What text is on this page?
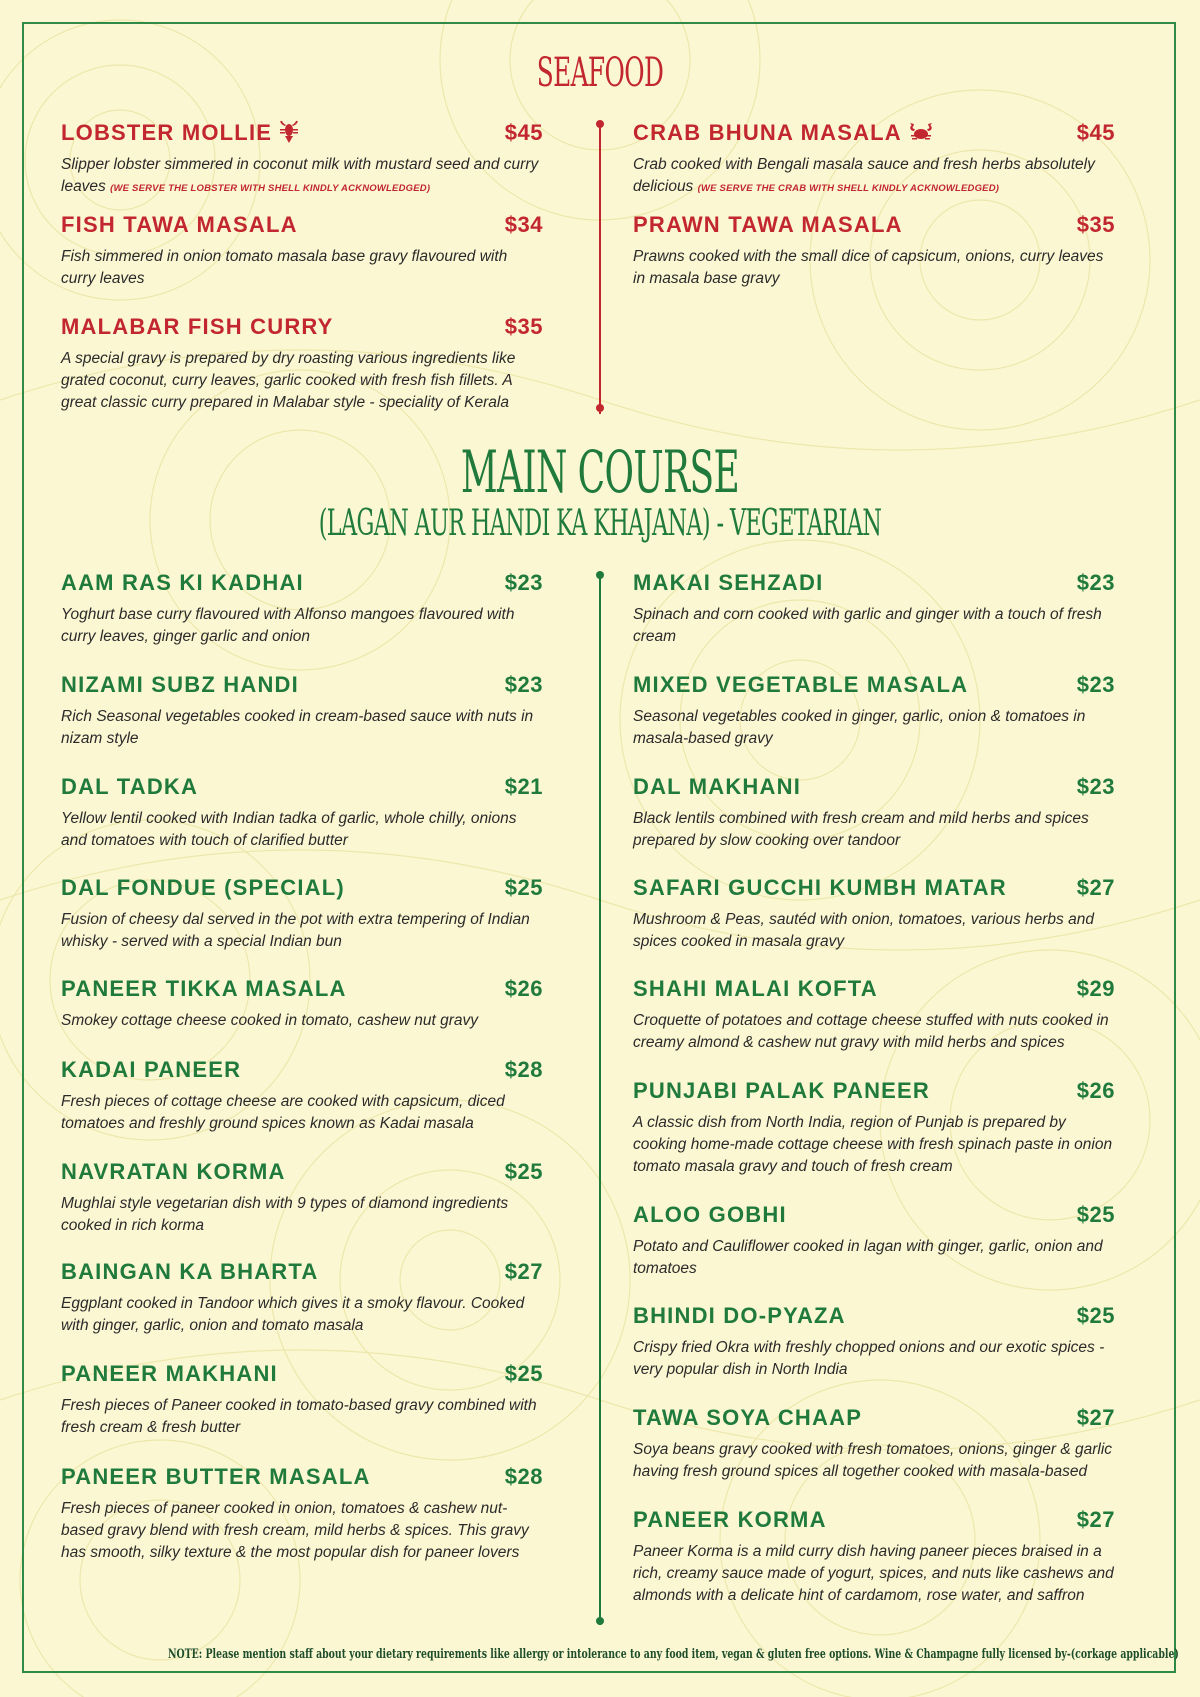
SEAFOOD
LOBSTER MOLLIE	$45
Slipper lobster simmered in coconut milk with mustard seed and curry leaves (WE SERVE THE LOBSTER WITH SHELL KINDLY ACKNOWLEDGED)
FISH TAWA MASALA	$34
Fish simmered in onion tomato masala base gravy flavoured with curry leaves
MALABAR FISH CURRY	$35
A special gravy is prepared by dry roasting various ingredients like grated coconut, curry leaves, garlic cooked with fresh fish fillets. A great classic curry prepared in Malabar style - speciality of Kerala
CRAB BHUNA MASALA	$45
Crab cooked with Bengali masala sauce and fresh herbs absolutely delicious (WE SERVE THE CRAB WITH SHELL KINDLY ACKNOWLEDGED)
PRAWN TAWA MASALA	$35
Prawns cooked with the small dice of capsicum, onions, curry leaves in masala base gravy
MAIN COURSE
(LAGAN AUR HANDI KA KHAJANA) - VEGETARIAN
AAM RAS KI KADHAI	$23
Yoghurt base curry flavoured with Alfonso mangoes flavoured with curry leaves, ginger garlic and onion
NIZAMI SUBZ HANDI	$23
Rich Seasonal vegetables cooked in cream-based sauce with nuts in nizam style
DAL TADKA	$21
Yellow lentil cooked with Indian tadka of garlic, whole chilly, onions and tomatoes with touch of clarified butter
DAL FONDUE (SPECIAL)	$25
Fusion of cheesy dal served in the pot with extra tempering of Indian whisky - served with a special Indian bun
PANEER TIKKA MASALA	$26
Smokey cottage cheese cooked in tomato, cashew nut gravy
KADAI PANEER	$28
Fresh pieces of cottage cheese are cooked with capsicum, diced tomatoes and freshly ground spices known as Kadai masala
NAVRATAN KORMA	$25
Mughlai style vegetarian dish with 9 types of diamond ingredients cooked in rich korma
BAINGAN KA BHARTA	$27
Eggplant cooked in Tandoor which gives it a smoky flavour. Cooked with ginger, garlic, onion and tomato masala
PANEER MAKHANI	$25
Fresh pieces of Paneer cooked in tomato-based gravy combined with fresh cream & fresh butter
PANEER BUTTER MASALA	$28
Fresh pieces of paneer cooked in onion, tomatoes & cashew nut-based gravy blend with fresh cream, mild herbs & spices. This gravy has smooth, silky texture & the most popular dish for paneer lovers
MAKAI SEHZADI	$23
Spinach and corn cooked with garlic and ginger with a touch of fresh cream
MIXED VEGETABLE MASALA	$23
Seasonal vegetables cooked in ginger, garlic, onion & tomatoes in masala-based gravy
DAL MAKHANI	$23
Black lentils combined with fresh cream and mild herbs and spices prepared by slow cooking over tandoor
SAFARI GUCCHI KUMBH MATAR	$27
Mushroom & Peas, sautéd with onion, tomatoes, various herbs and spices cooked in masala gravy
SHAHI MALAI KOFTA	$29
Croquette of potatoes and cottage cheese stuffed with nuts cooked in creamy almond & cashew nut gravy with mild herbs and spices
PUNJABI PALAK PANEER	$26
A classic dish from North India, region of Punjab is prepared by cooking home-made cottage cheese with fresh spinach paste in onion tomato masala gravy and touch of fresh cream
ALOO GOBHI	$25
Potato and Cauliflower cooked in lagan with ginger, garlic, onion and tomatoes
BHINDI DO-PYAZA	$25
Crispy fried Okra with freshly chopped onions and our exotic spices - very popular dish in North India
TAWA SOYA CHAAP	$27
Soya beans gravy cooked with fresh tomatoes, onions, ginger & garlic having fresh ground spices all together cooked with masala-based
PANEER KORMA	$27
Paneer Korma is a mild curry dish having paneer pieces braised in a rich, creamy sauce made of yogurt, spices, and nuts like cashews and almonds with a delicate hint of cardamom, rose water, and saffron
NOTE: Please mention staff about your dietary requirements like allergy or intolerance to any food item, vegan & gluten free options. Wine & Champagne fully licensed by-(corkage applicable)
